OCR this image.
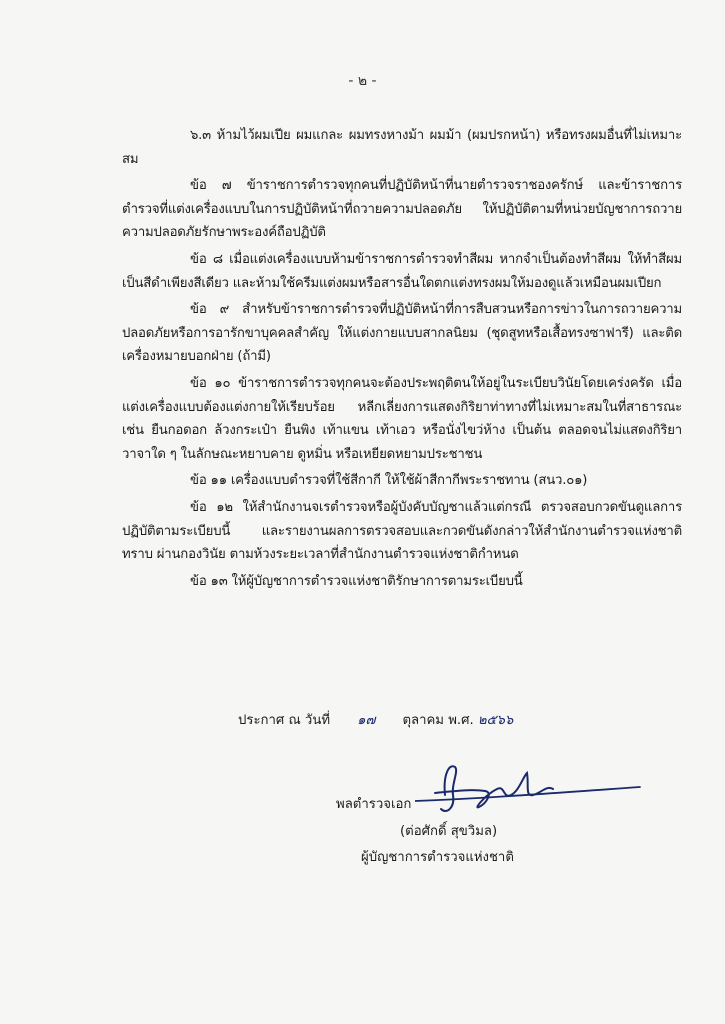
- ๒ -

๖.๓ ห้ามไว้ผมเปีย ผมแกละ ผมทรงหางม้า ผมม้า (ผมปรกหน้า) หรือทรงผมอื่นที่ไม่เหมาะสม

ข้อ ๗ ข้าราชการตำรวจทุกคนที่ปฏิบัติหน้าที่นายตำรวจราชองครักษ์ และข้าราชการตำรวจที่แต่งเครื่องแบบในการปฏิบัติหน้าที่ถวายความปลอดภัย ให้ปฏิบัติตามที่หน่วยบัญชาการถวายความปลอดภัยรักษาพระองค์ถือปฏิบัติ

ข้อ ๘ เมื่อแต่งเครื่องแบบห้ามข้าราชการตำรวจทำสีผม หากจำเป็นต้องทำสีผม ให้ทำสีผมเป็นสีดำเพียงสีเดียว และห้ามใช้ครีมแต่งผมหรือสารอื่นใดตกแต่งทรงผมให้มองดูแล้วเหมือนผมเปียก

ข้อ ๙ สำหรับข้าราชการตำรวจที่ปฏิบัติหน้าที่การสืบสวนหรือการข่าวในการถวายความปลอดภัยหรือการอารักขาบุคคลสำคัญ ให้แต่งกายแบบสากลนิยม (ชุดสูทหรือเสื้อทรงซาฟารี) และติดเครื่องหมายบอกฝ่าย (ถ้ามี)

ข้อ ๑๐ ข้าราชการตำรวจทุกคนจะต้องประพฤติตนให้อยู่ในระเบียบวินัยโดยเคร่งครัด เมื่อแต่งเครื่องแบบต้องแต่งกายให้เรียบร้อย หลีกเลี่ยงการแสดงกิริยาท่าทางที่ไม่เหมาะสมในที่สาธารณะ เช่น ยืนกอดอก ล้วงกระเป๋า ยืนพิง เท้าแขน เท้าเอว หรือนั่งไขว่ห้าง เป็นต้น ตลอดจนไม่แสดงกิริยาวาจาใด ๆ ในลักษณะหยาบคาย ดูหมิ่น หรือเหยียดหยามประชาชน

ข้อ ๑๑ เครื่องแบบตำรวจที่ใช้สีกากี ให้ใช้ผ้าสีกากีพระราชทาน (สนว.๐๑)

ข้อ ๑๒ ให้สำนักงานจเรตำรวจหรือผู้บังคับบัญชาแล้วแต่กรณี ตรวจสอบกวดขันดูแลการปฏิบัติตามระเบียบนี้ และรายงานผลการตรวจสอบและกวดขันดังกล่าวให้สำนักงานตำรวจแห่งชาติทราบ ผ่านกองวินัย ตามห้วงระยะเวลาที่สำนักงานตำรวจแห่งชาติกำหนด

ข้อ ๑๓ ให้ผู้บัญชาการตำรวจแห่งชาติรักษาการตามระเบียบนี้

ประกาศ ณ วันที่ ๑๗ ตุลาคม พ.ศ. ๒๕๖๖
พลตำรวจเอก
(ต่อศักดิ์ สุขวิมล)
ผู้บัญชาการตำรวจแห่งชาติ
